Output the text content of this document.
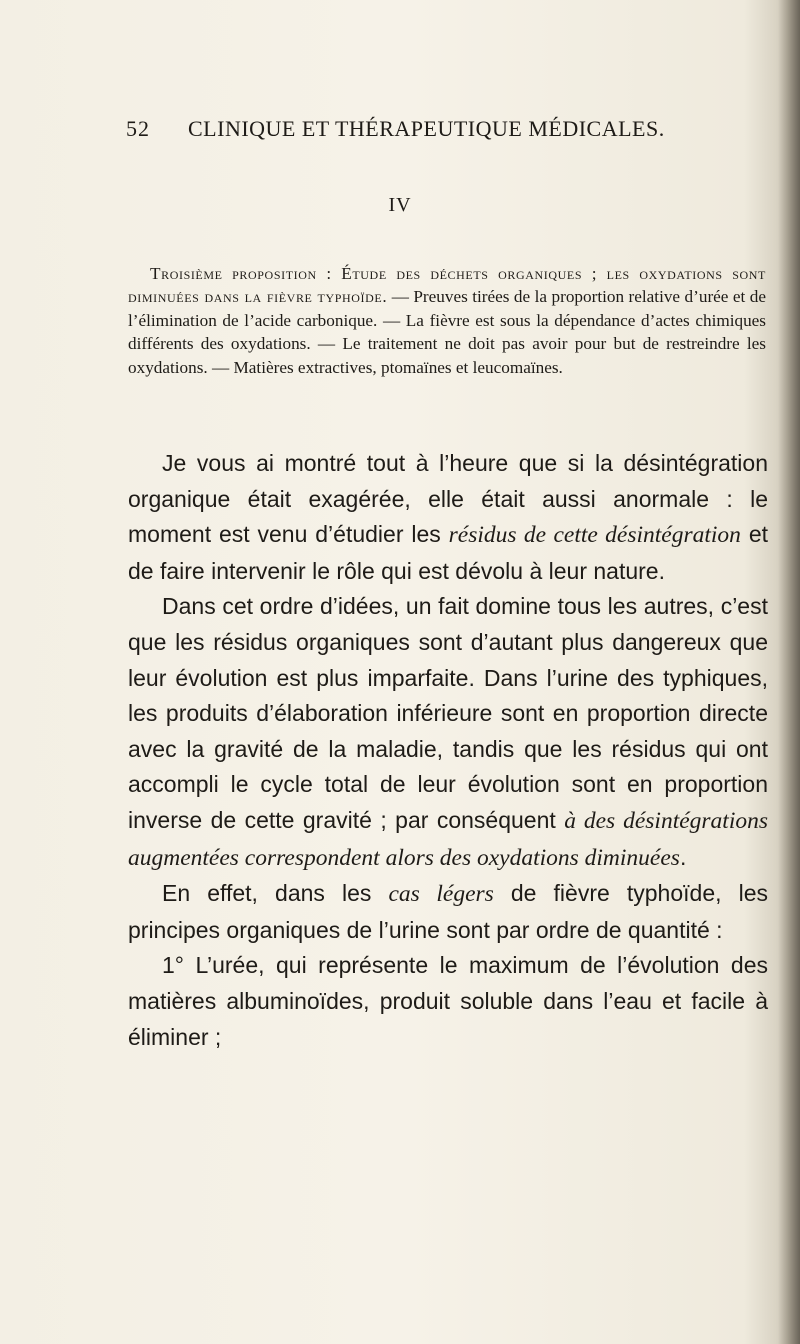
52 CLINIQUE ET THÉRAPEUTIQUE MÉDICALES.
IV
Troisième proposition : Étude des déchets organiques ; les oxydations sont diminuées dans la fièvre typhoïde. — Preuves tirées de la proportion relative d’urée et de l’élimination de l’acide carbonique. — La fièvre est sous la dépendance d’actes chimiques différents des oxydations. — Le traitement ne doit pas avoir pour but de restreindre les oxydations. — Matières extractives, ptomaïnes et leucomaïnes.

Je vous ai montré tout à l’heure que si la désintégration organique était exagérée, elle était aussi anormale : le moment est venu d’étudier les résidus de cette désintégration et de faire intervenir le rôle qui est dévolu à leur nature.

Dans cet ordre d’idées, un fait domine tous les autres, c’est que les résidus organiques sont d’autant plus dangereux que leur évolution est plus imparfaite. Dans l’urine des typhiques, les produits d’élaboration inférieure sont en proportion directe avec la gravité de la maladie, tandis que les résidus qui ont accompli le cycle total de leur évolution sont en proportion inverse de cette gravité ; par conséquent à des désintégrations augmentées correspondent alors des oxydations diminuées.

En effet, dans les cas légers de fièvre typhoïde, les principes organiques de l’urine sont par ordre de quantité :

1° L’urée, qui représente le maximum de l’évolution des matières albuminoïdes, produit soluble dans l’eau et facile à éliminer ;
